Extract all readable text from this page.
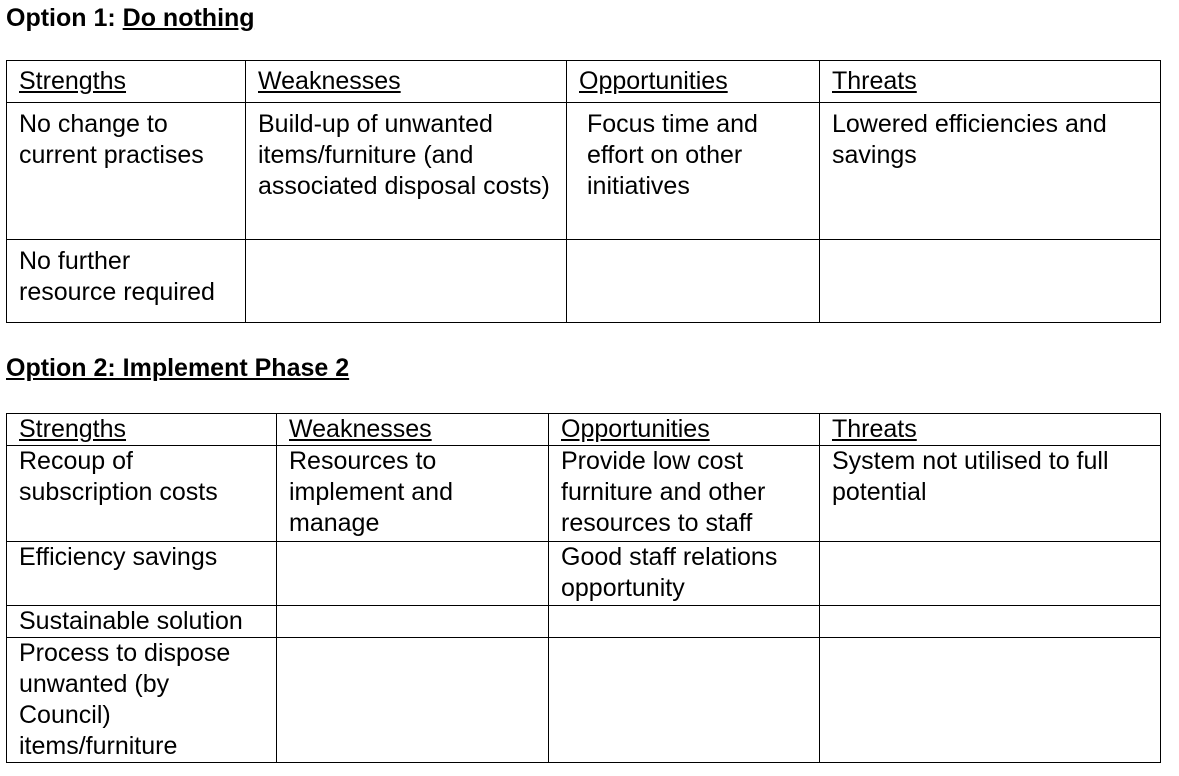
Option 1: Do nothing
Strengths	Weaknesses	Opportunities	Threats
No change to current practises	Build-up of unwanted items/furniture (and associated disposal costs)	Focus time and effort on other initiatives	Lowered efficiencies and savings
No further resource required			
Option 2: Implement Phase 2
Strengths	Weaknesses	Opportunities	Threats
Recoup of subscription costs	Resources to implement and manage	Provide low cost furniture and other resources to staff	System not utilised to full potential
Efficiency savings		Good staff relations opportunity	
Sustainable solution			
Process to dispose unwanted (by Council) items/furniture			
